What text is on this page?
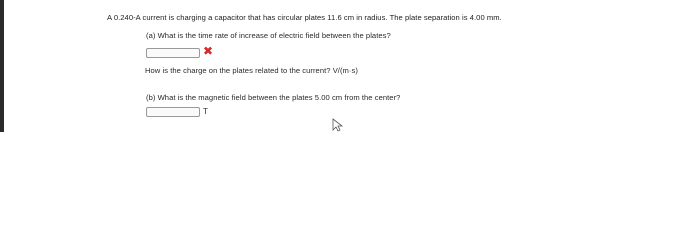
A 0.240-A current is charging a capacitor that has circular plates 11.6 cm in radius. The plate separation is 4.00 mm.

(a) What is the time rate of increase of electric field between the plates?

✖

How is the charge on the plates related to the current? V/(m·s)

(b) What is the magnetic field between the plates 5.00 cm from the center?

T
